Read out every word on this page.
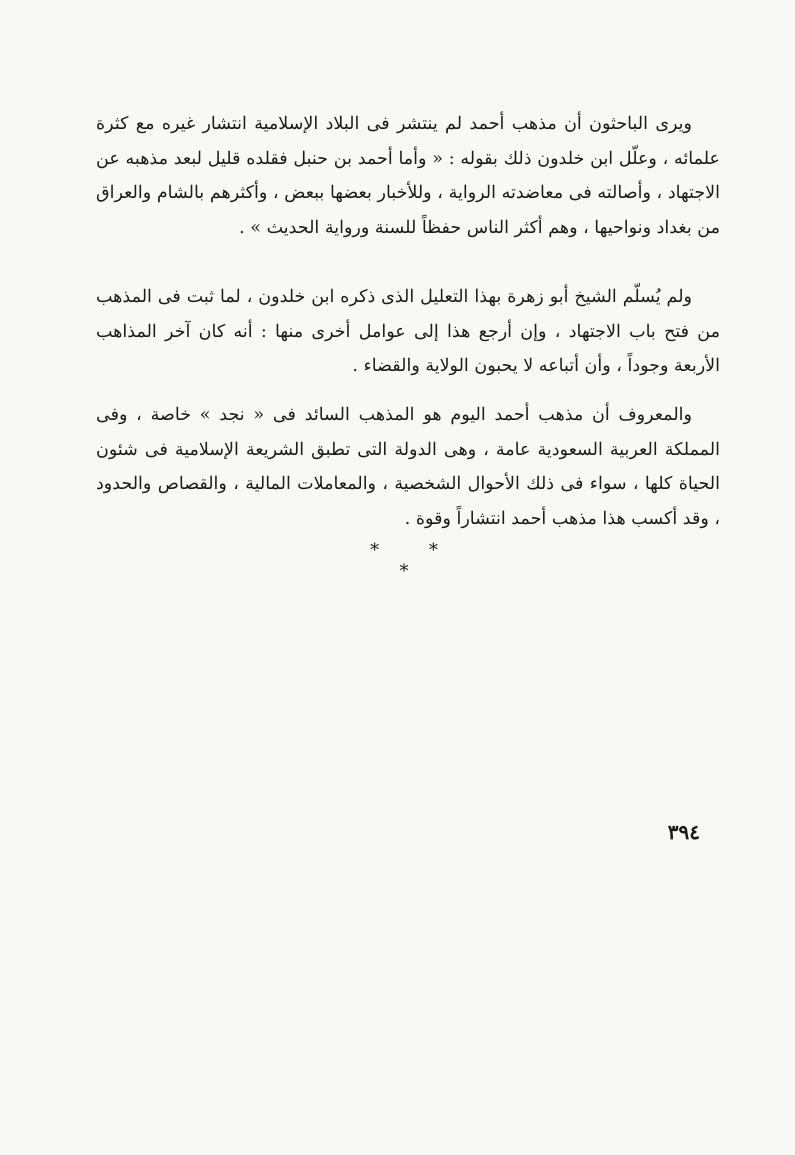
ويرى الباحثون أن مذهب أحمد لم ينتشر فى البلاد الإسلامية انتشار غيره مع كثرة علمائه ، وعلّل ابن خلدون ذلك بقوله : « وأما أحمد بن حنبل فقلده قليل لبعد مذهبه عن الاجتهاد ، وأصالته فى معاضدته الرواية ، وللأخبار بعضها ببعض ، وأكثرهم بالشام والعراق من بغداد ونواحيها ، وهم أكثر الناس حفظاً للسنة ورواية الحديث » .

ولم يُسلّم الشيخ أبو زهرة بهذا التعليل الذى ذكره ابن خلدون ، لما ثبت فى المذهب من فتح باب الاجتهاد ، وإن أرجع هذا إلى عوامل أخرى منها : أنه كان آخر المذاهب الأربعة وجوداً ، وأن أتباعه لا يحبون الولاية والقضاء .

والمعروف أن مذهب أحمد اليوم هو المذهب السائد فى « نجد » خاصة ، وفى المملكة العربية السعودية عامة ، وهى الدولة التى تطبق الشريعة الإسلامية فى شئون الحياة كلها ، سواء فى ذلك الأحوال الشخصية ، والمعاملات المالية ، والقصاص والحدود ، وقد أكسب هذا مذهب أحمد انتشاراً وقوة .

* * *
٣٩٤
